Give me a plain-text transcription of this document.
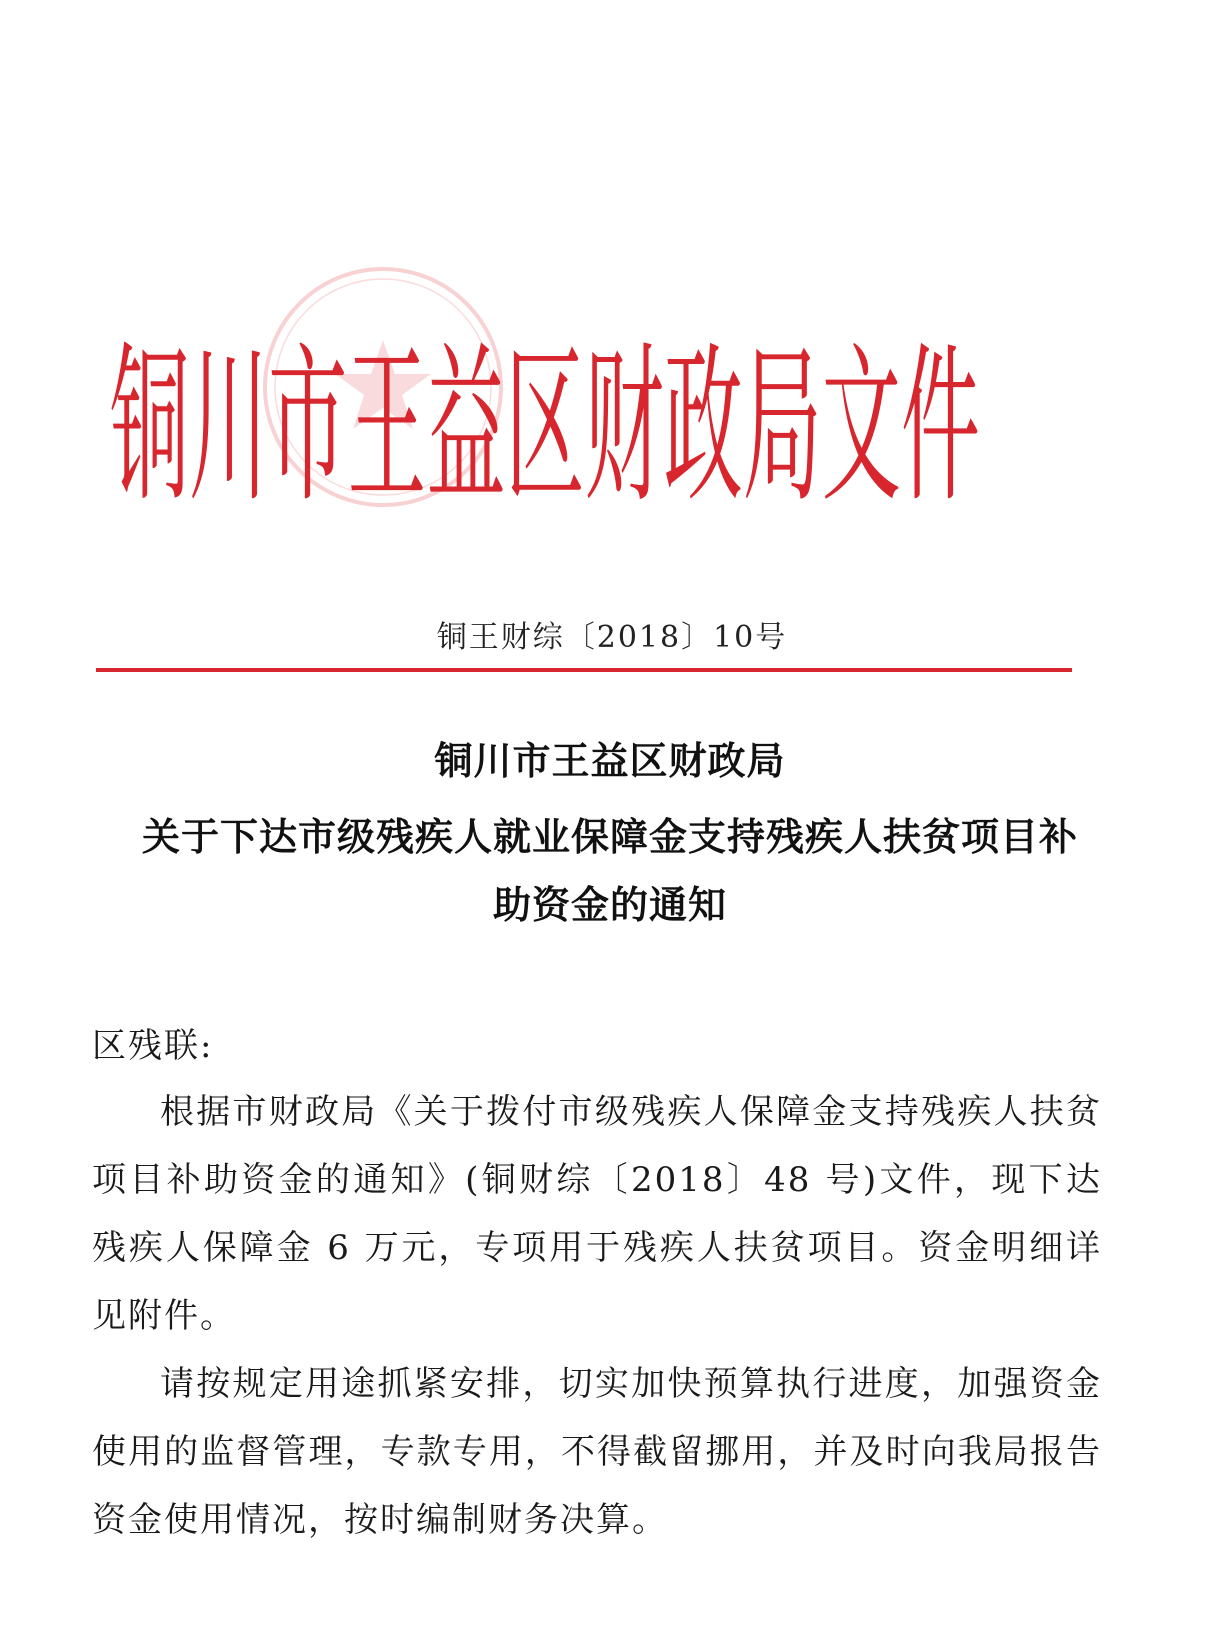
铜川市王益区财政局文件
铜王财综〔2018〕10号
铜川市王益区财政局
关于下达市级残疾人就业保障金支持残疾人扶贫项目补
助资金的通知
区残联:
根据市财政局《关于拨付市级残疾人保障金支持残疾人扶贫项目补助资金的通知》(铜财综〔2018〕48 号)文件，现下达残疾人保障金 6 万元，专项用于残疾人扶贫项目。资金明细详见附件。
请按规定用途抓紧安排，切实加快预算执行进度，加强资金使用的监督管理，专款专用，不得截留挪用，并及时向我局报告资金使用情况，按时编制财务决算。
